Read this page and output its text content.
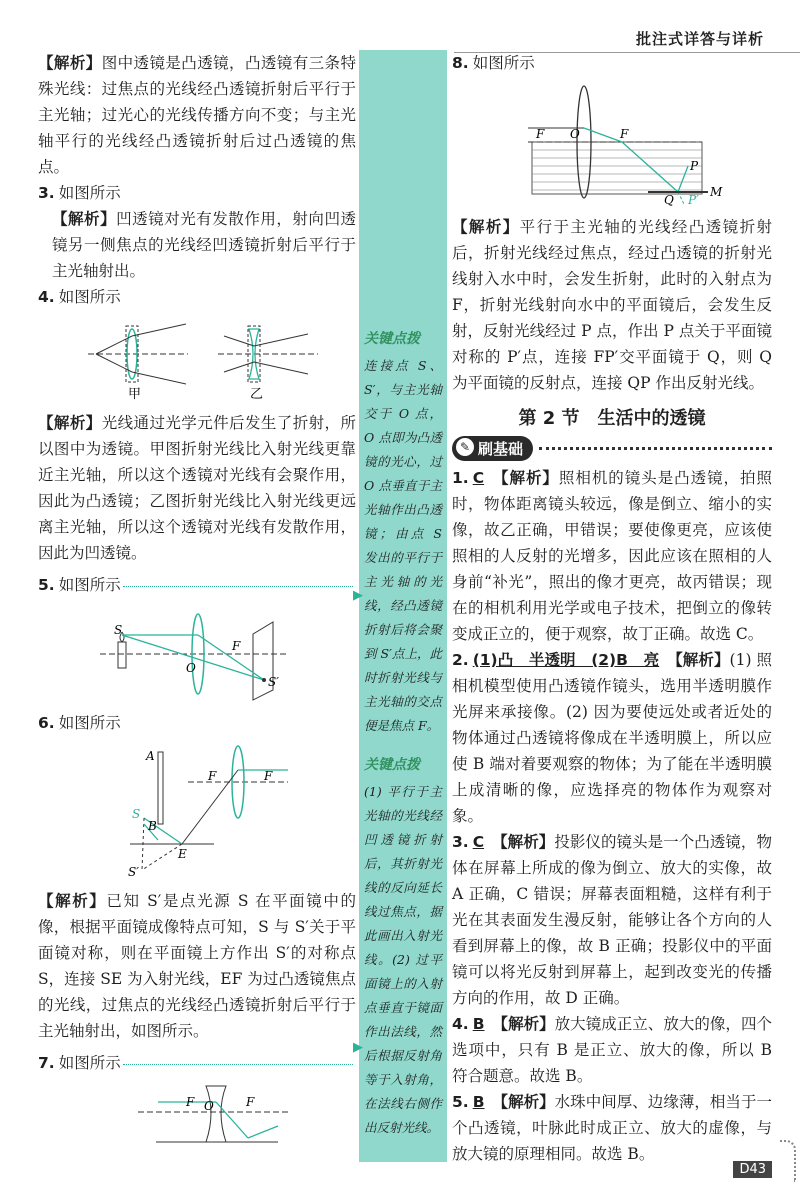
批注式详答与详析

【解析】图中透镜是凸透镜，凸透镜有三条特殊光线：过焦点的光线经凸透镜折射后平行于主光轴；过光心的光线传播方向不变；与主光轴平行的光线经凸透镜折射后过凸透镜的焦点。

3. 如图所示

【解析】凹透镜对光有发散作用，射向凹透镜另一侧焦点的光线经凹透镜折射后平行于主光轴射出。

4. 如图所示

甲	乙

【解析】光线通过光学元件后发生了折射，所以图中为透镜。甲图折射光线比入射光线更靠近主光轴，所以这个透镜对光线有会聚作用，因此为凸透镜；乙图折射光线比入射光线更远离主光轴，所以这个透镜对光线有发散作用，因此为凹透镜。

5. 如图所示

S
O
F
S′

6. 如图所示

A
B
S
E
F	F
S′

【解析】已知 S′是点光源 S 在平面镜中的像，根据平面镜成像特点可知，S 与 S′关于平面镜对称，则在平面镜上方作出 S′的对称点 S，连接 SE 为入射光线，EF 为过凸透镜焦点的光线，过焦点的光线经凸透镜折射后平行于主光轴射出，如图所示。

7. 如图所示

F O	F

关键点拨

连接点 S、S′，与主光轴交于 O 点，O 点即为凸透镜的光心，过 O 点垂直于主光轴作出凸透镜；由点 S 发出的平行于主光轴的光线，经凸透镜折射后将会聚到 S′点上，此时折射光线与主光轴的交点便是焦点 F。

关键点拨

(1) 平行于主光轴的光线经凹透镜折射后，其折射光线的反向延长线过焦点，据此画出入射光线。(2) 过平面镜上的入射点垂直于镜面作出法线，然后根据反射角等于入射角，在法线右侧作出反射光线。

▶
▶

8. 如图所示

F O	F
P
M
Q P′

【解析】平行于主光轴的光线经凸透镜折射后，折射光线经过焦点，经过凸透镜的折射光线射入水中时，会发生折射，此时的入射点为 F，折射光线射向水中的平面镜后，会发生反射，反射光线经过 P 点，作出 P 点关于平面镜对称的 P′点，连接 FP′交平面镜于 Q，则 Q 为平面镜的反射点，连接 QP 作出反射光线。

第 2 节　生活中的透镜
✎ 刷基础

1. C 【解析】照相机的镜头是凸透镜，拍照时，物体距离镜头较远，像是倒立、缩小的实像，故乙正确，甲错误；要使像更亮，应该使照相的人反射的光增多，因此应该在照相的人身前“补光”，照出的像才更亮，故丙错误；现在的相机利用光学或电子技术，把倒立的像转变成正立的，便于观察，故丁正确。故选 C。

2. (1)凸　半透明　(2)B　亮 【解析】(1) 照相机模型使用凸透镜作镜头，选用半透明膜作光屏来承接像。(2) 因为要使远处或者近处的物体通过凸透镜将像成在半透明膜上，所以应使 B 端对着要观察的物体；为了能在半透明膜上成清晰的像，应选择亮的物体作为观察对象。

3. C 【解析】投影仪的镜头是一个凸透镜，物体在屏幕上所成的像为倒立、放大的实像，故 A 正确，C 错误；屏幕表面粗糙，这样有利于光在其表面发生漫反射，能够让各个方向的人看到屏幕上的像，故 B 正确；投影仪中的平面镜可以将光反射到屏幕上，起到改变光的传播方向的作用，故 D 正确。

4. B 【解析】放大镜成正立、放大的像，四个选项中，只有 B 是正立、放大的像，所以 B 符合题意。故选 B。

5. B 【解析】水珠中间厚、边缘薄，相当于一个凸透镜，叶脉此时成正立、放大的虚像，与放大镜的原理相同。故选 B。

D43
